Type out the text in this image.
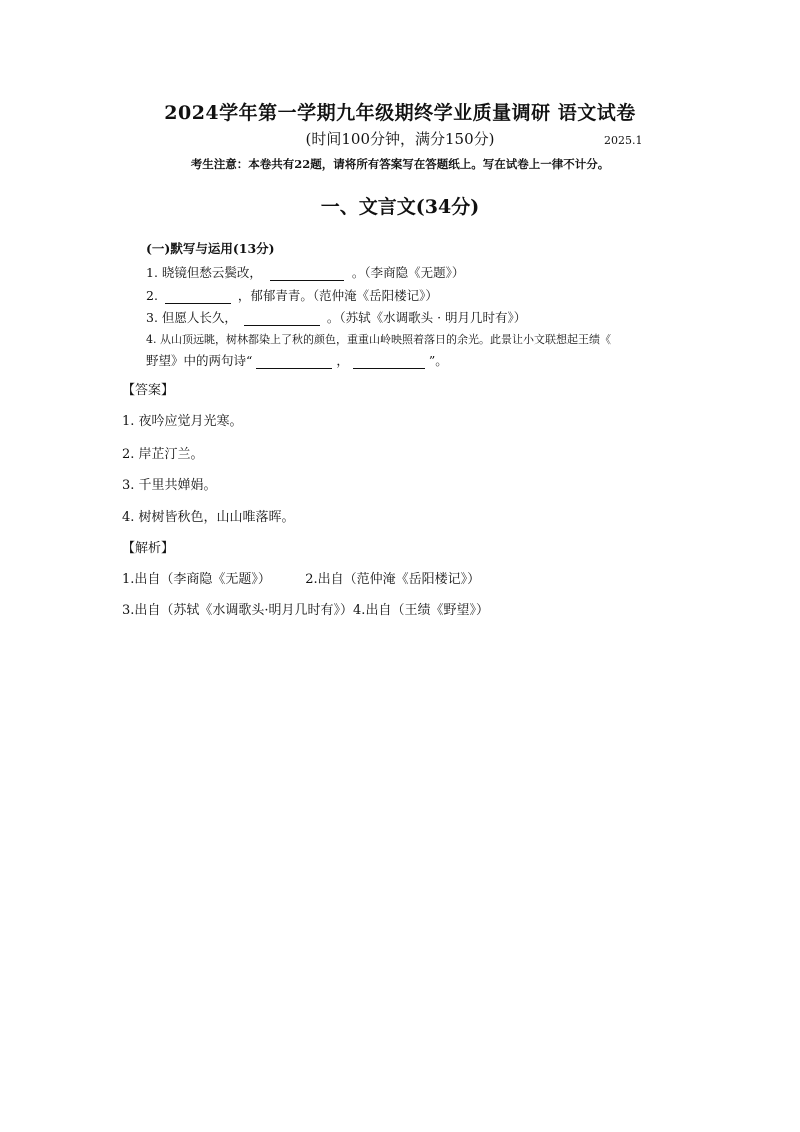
2024学年第一学期九年级期终学业质量调研 语文试卷
(时间100分钟，满分150分)	2025.1
考生注意：本卷共有22题，请将所有答案写在答题纸上。写在试卷上一律不计分。
一、文言文(34分)
(一)默写与运用(13分)
1. 晓镜但愁云鬓改，	。（李商隐《无题》）
2.	，郁郁青青。（范仲淹《岳阳楼记》）
3. 但愿人长久，	。（苏轼《水调歌头 · 明月几时有》）
4. 从山顶远眺，树林都染上了秋的颜色，重重山岭映照着落日的余光。此景让小文联想起王绩《
野望》中的两句诗“	，	”。
【答案】
1. 夜吟应觉月光寒。
2. 岸芷汀兰。
3. 千里共婵娟。
4. 树树皆秋色，山山唯落晖。
【解析】
1.出自（李商隐《无题》）	2.出自（范仲淹《岳阳楼记》）
3.出自（苏轼《水调歌头·明月几时有》）4.出自（王绩《野望》）
